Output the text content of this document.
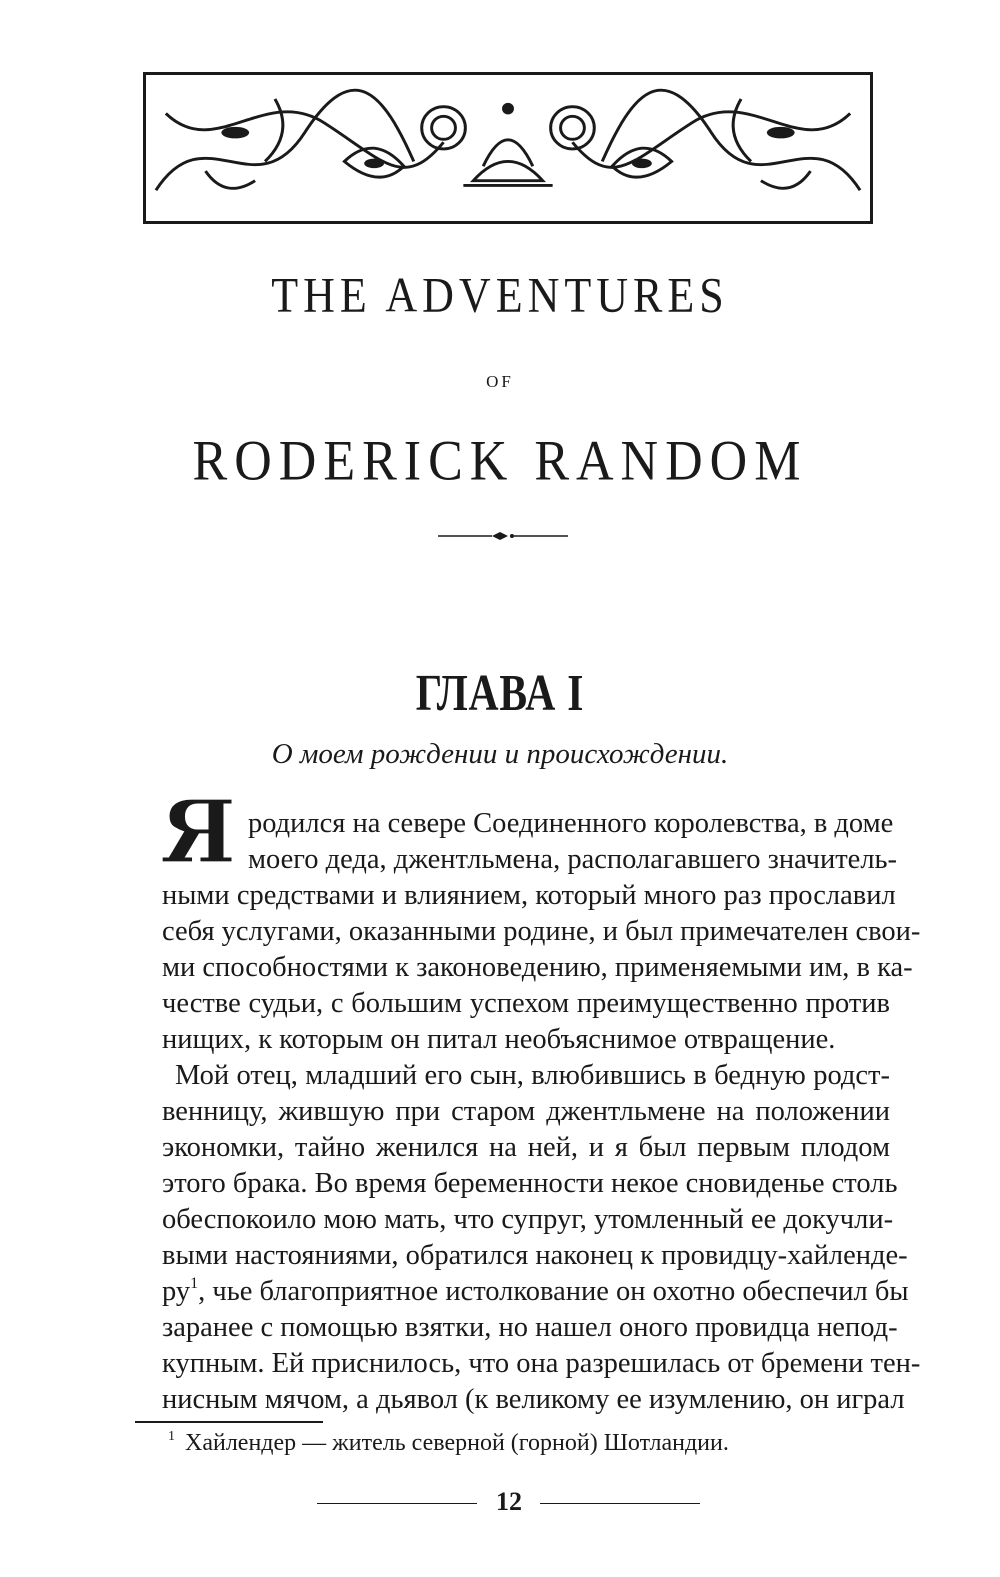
THE ADVENTURES
OF
RODERICK RANDOM
ГЛАВА I
О моем рождении и происхождении.
Я родился на севере Соединенного королевства, в доме
моего деда, джентльмена, располагавшего значитель-
ными средствами и влиянием, который много раз прославил
себя услугами, оказанными родине, и был примечателен свои-
ми способностями к законоведению, применяемыми им, в ка-
честве судьи, с большим успехом преимущественно против
нищих, к которым он питал необъяснимое отвращение.
Мой отец, младший его сын, влюбившись в бедную родст-
венницу, жившую при старом джентльмене на положении
экономки, тайно женился на ней, и я был первым плодом
этого брака. Во время беременности некое сновиденье столь
обеспокоило мою мать, что супруг, утомленный ее докучли-
выми настояниями, обратился наконец к провидцу-хайленде-
$ру^1$, чье благоприятное истолкование он охотно обеспечил бы
заранее с помощью взятки, но нашел оного провидца непод-
купным. Ей приснилось, что она разрешилась от бремени тен-
нисным мячом, а дьявол (к великому ее изумлению, он играл
$^1$ Хайлендер — житель северной (горной) Шотландии.
12
